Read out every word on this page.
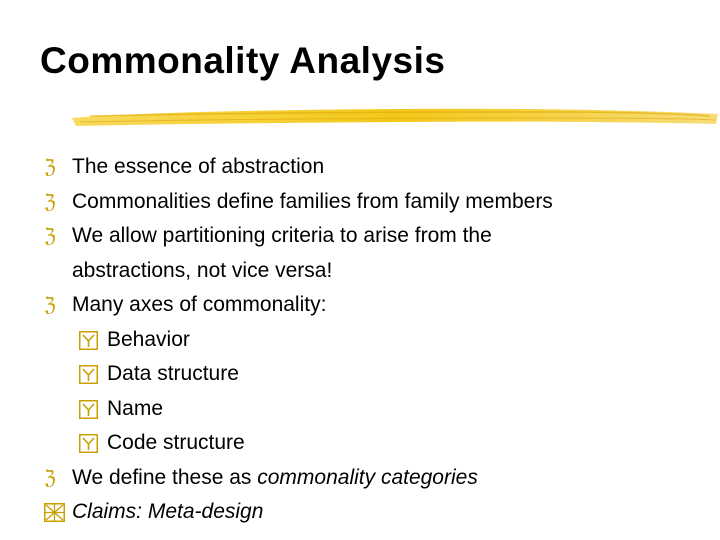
Commonality Analysis
ℨ The essence of abstraction
ℨ Commonalities define families from family members
ℨ We allow partitioning criteria to arise from the
abstractions, not vice versa!
ℨ Many axes of commonality:
Behavior
Data structure
Name
Code structure
ℨ We define these as commonality categories
Claims: Meta-design
